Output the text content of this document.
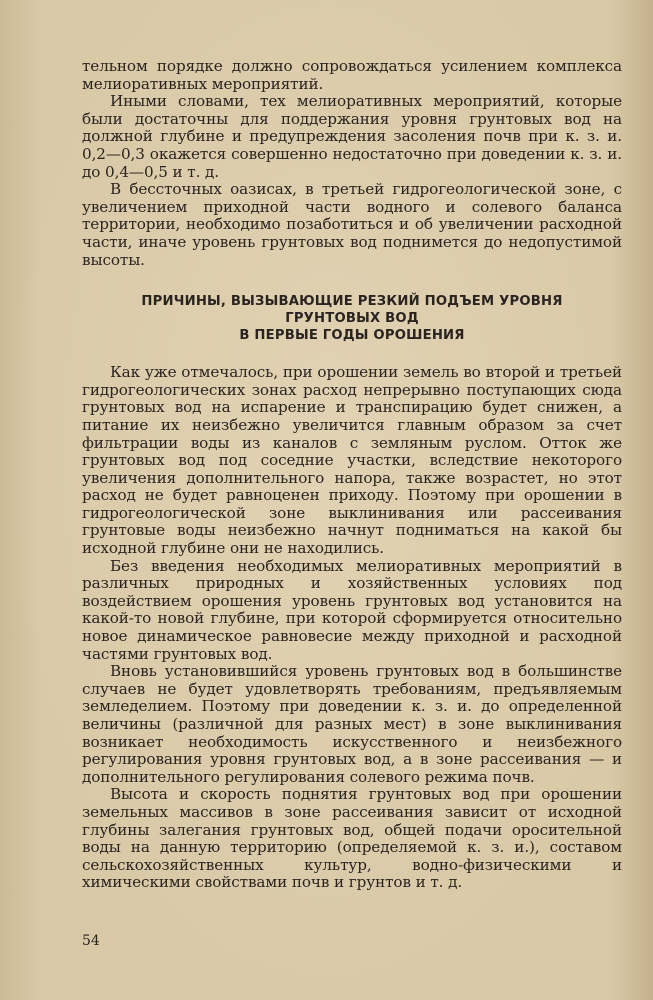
тельном порядке должно сопровождаться усилением комплекса мелиоративных мероприятий.

Иными словами, тех мелиоративных мероприятий, которые были достаточны для поддержания уровня грунтовых вод на должной глубине и предупреждения засоления почв при к. з. и. 0,2—0,3 окажется совершенно недостаточно при доведении к. з. и. до 0,4—0,5 и т. д.

В бессточных оазисах, в третьей гидрогеологической зоне, с увеличением приходной части водного и солевого баланса территории, необходимо позаботиться и об увеличении расходной части, иначе уровень грунтовых вод поднимется до недопустимой высоты.

ПРИЧИНЫ, ВЫЗЫВАЮЩИЕ РЕЗКИЙ ПОДЪЕМ УРОВНЯ
ГРУНТОВЫХ ВОД
В ПЕРВЫЕ ГОДЫ ОРОШЕНИЯ

Как уже отмечалось, при орошении земель во второй и третьей гидрогеологических зонах расход непрерывно поступающих сюда грунтовых вод на испарение и транспирацию будет снижен, а питание их неизбежно увеличится главным образом за счет фильтрации воды из каналов с земляным руслом. Отток же грунтовых вод под соседние участки, вследствие некоторого увеличения дополнительного напора, также возрастет, но этот расход не будет равноценен приходу. Поэтому при орошении в гидрогеологической зоне выклинивания или рассеивания грунтовые воды неизбежно начнут подниматься на какой бы исходной глубине они не находились.

Без введения необходимых мелиоративных мероприятий в различных природных и хозяйственных условиях под воздействием орошения уровень грунтовых вод установится на какой-то новой глубине, при которой сформируется относительно новое динамическое равновесие между приходной и расходной частями грунтовых вод.

Вновь установившийся уровень грунтовых вод в большинстве случаев не будет удовлетворять требованиям, предъявляемым земледелием. Поэтому при доведении к. з. и. до определенной величины (различной для разных мест) в зоне выклинивания возникает необходимость искусственного и неизбежного регулирования уровня грунтовых вод, а в зоне рассеивания — и дополнительного регулирования солевого режима почв.

Высота и скорость поднятия грунтовых вод при орошении земельных массивов в зоне рассеивания зависит от исходной глубины залегания грунтовых вод, общей подачи оросительной воды на данную территорию (определяемой к. з. и.), составом сельскохозяйственных культур, водно-физическими и химическими свойствами почв и грунтов и т. д.

54
